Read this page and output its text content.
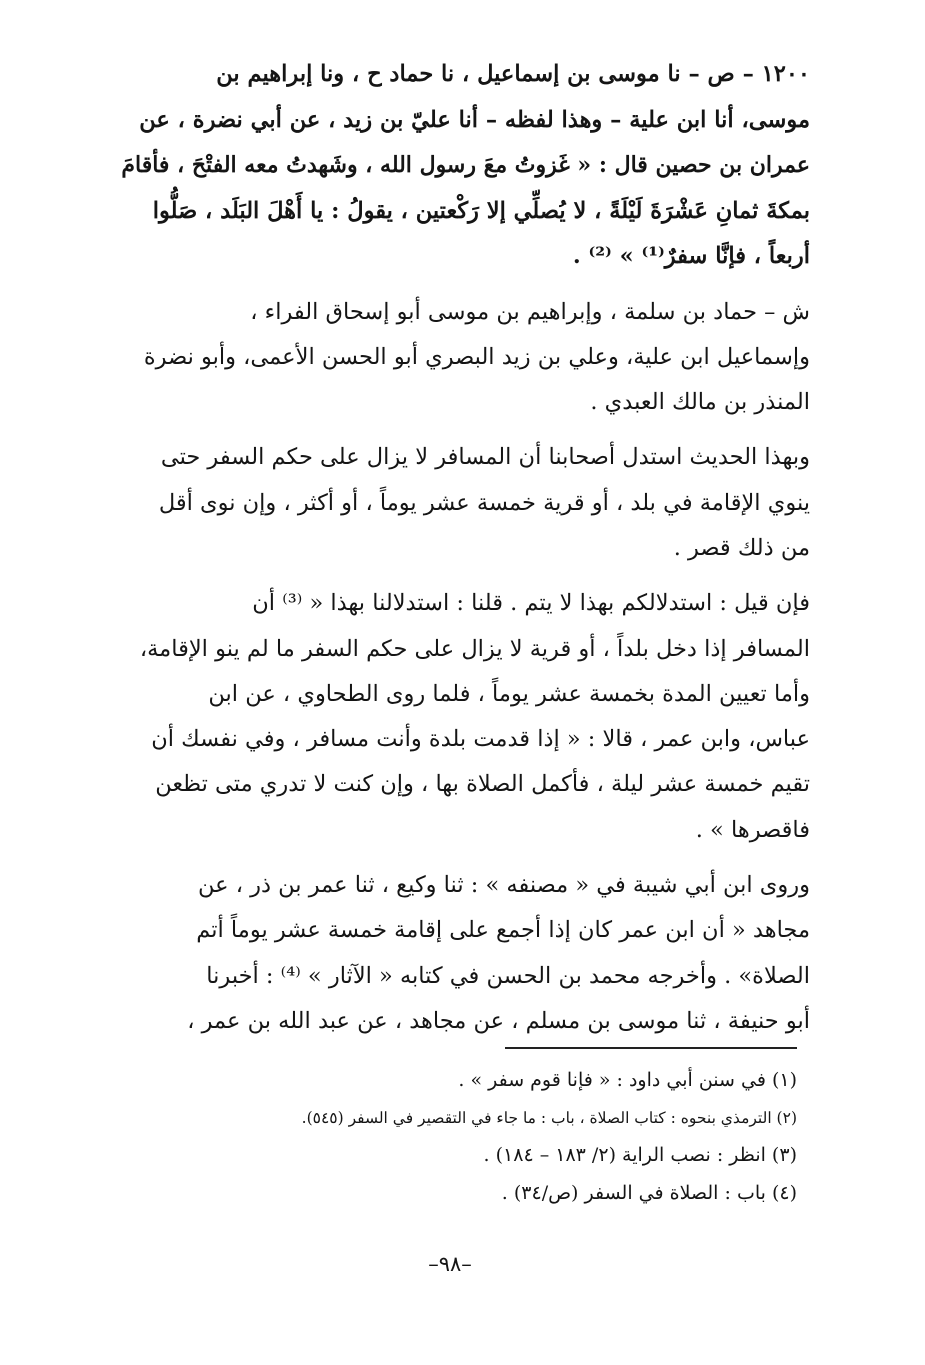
١٢٠٠ – ص – نا موسى بن إسماعيل ، نا حماد ح ، ونا إبراهيم بن
موسى، أنا ابن علية – وهذا لفظه – أنا عليّ بن زيد ، عن أبي نضرة ، عن
عمران بن حصين قال : « غَزوتُ معَ رسول الله ، وشَهدتُ معه الفتْحَ ، فأقامَ
بمكةَ ثمانِ عَشْرَةَ لَيْلَةً ، لا يُصلِّي إلا رَكْعتين ، يقولُ : يا أَهْلَ البَلَد ، صَلُّوا
أربعاً ، فإنَّا سفرٌ⁽¹⁾ » ⁽²⁾ .
ش – حماد بن سلمة ، وإبراهيم بن موسى أبو إسحاق الفراء ،
وإسماعيل ابن علية، وعلي بن زيد البصري أبو الحسن الأعمى، وأبو نضرة
المنذر بن مالك العبدي .
وبهذا الحديث استدل أصحابنا أن المسافر لا يزال على حكم السفر حتى
ينوي الإقامة في بلد ، أو قرية خمسة عشر يوماً ، أو أكثر ، وإن نوى أقل
من ذلك قصر .
فإن قيل : استدلالكم بهذا لا يتم . قلنا : استدلالنا بهذا « ⁽³⁾ أن
المسافر إذا دخل بلداً ، أو قرية لا يزال على حكم السفر ما لم ينو الإقامة،
وأما تعيين المدة بخمسة عشر يوماً ، فلما روى الطحاوي ، عن ابن
عباس، وابن عمر ، قالا : « إذا قدمت بلدة وأنت مسافر ، وفي نفسك أن
تقيم خمسة عشر ليلة ، فأكمل الصلاة بها ، وإن كنت لا تدري متى تظعن
فاقصرها » .
وروى ابن أبي شيبة في « مصنفه » : ثنا وكيع ، ثنا عمر بن ذر ، عن
مجاهد « أن ابن عمر كان إذا أجمع على إقامة خمسة عشر يوماً أتم
الصلاة» . وأخرجه محمد بن الحسن في كتابه « الآثار » ⁽⁴⁾ : أخبرنا
أبو حنيفة ، ثنا موسى بن مسلم ، عن مجاهد ، عن عبد الله بن عمر ،
(١) في سنن أبي داود : « فإنا قوم سفر » .
(٢) الترمذي بنحوه : كتاب الصلاة ، باب : ما جاء في التقصير في السفر (٥٤٥).
(٣) انظر : نصب الراية (٢/ ١٨٣ – ١٨٤) .
(٤) باب : الصلاة في السفر (ص/٣٤) .
–٩٨–
